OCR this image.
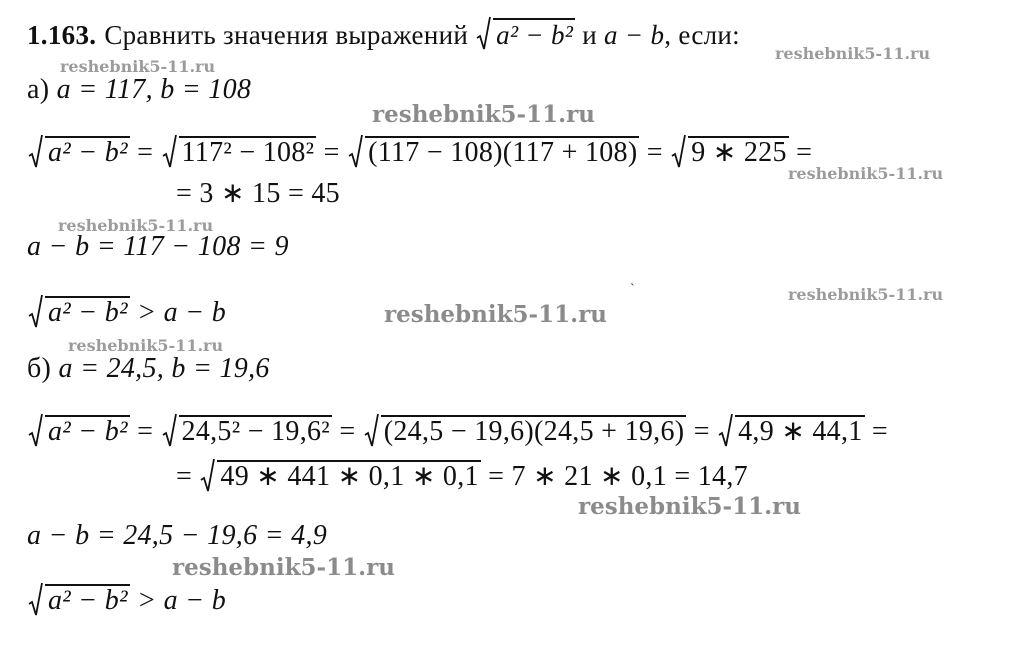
1.163. Сравнить значения выражений a² − b² и a − b, если:
а) a = 117, b = 108
a² − b² = 117² − 108² = (117 − 108)(117 + 108) = 9 ∗ 225 =
= 3 ∗ 15 = 45
a − b = 117 − 108 = 9
a² − b² > a − b
б) a = 24,5, b = 19,6
a² − b² = 24,5² − 19,6² = (24,5 − 19,6)(24,5 + 19,6) = 4,9 ∗ 44,1 =
= 49 ∗ 441 ∗ 0,1 ∗ 0,1 = 7 ∗ 21 ∗ 0,1 = 14,7
a − b = 24,5 − 19,6 = 4,9
a² − b² > a − b
reshebnik5-11.ru
reshebnik5-11.ru
reshebnik5-11.ru
reshebnik5-11.ru
reshebnik5-11.ru
reshebnik5-11.ru
reshebnik5-11.ru
reshebnik5-11.ru
reshebnik5-11.ru
reshebnik5-11.ru
`
